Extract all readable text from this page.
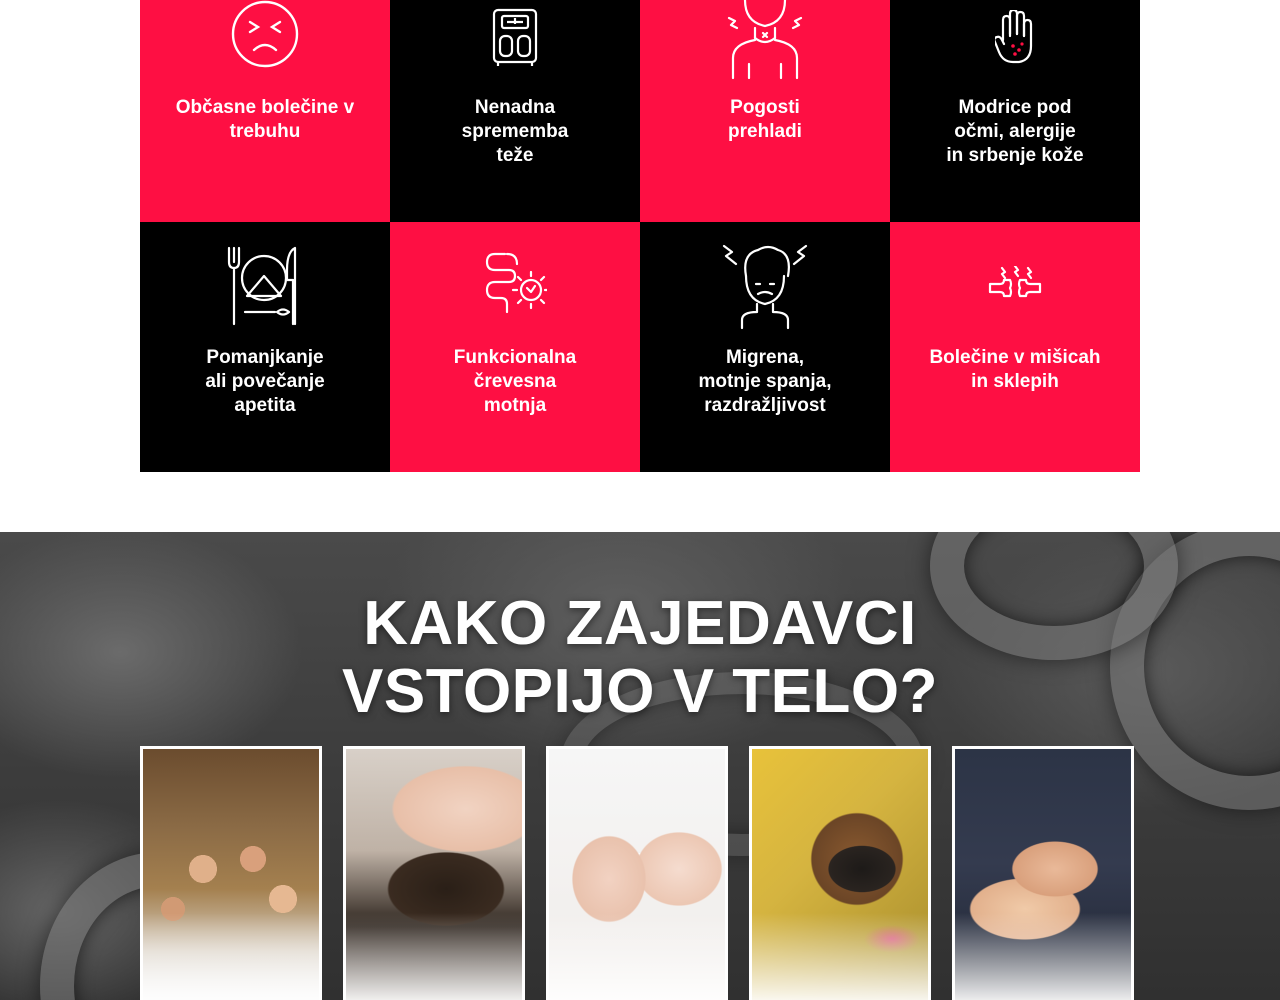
Občasne bolečine v
trebuhu
Nenadna
sprememba
teže
Pogosti
prehladi
Modrice pod
očmi, alergije
in srbenje kože
Pomanjkanje
ali povečanje
apetita
Funkcionalna
črevesna
motnja
Migrena,
motnje spanja,
razdražljivost
Bolečine v mišicah
in sklepih
KAKO ZAJEDAVCI
VSTOPIJO V TELO?
